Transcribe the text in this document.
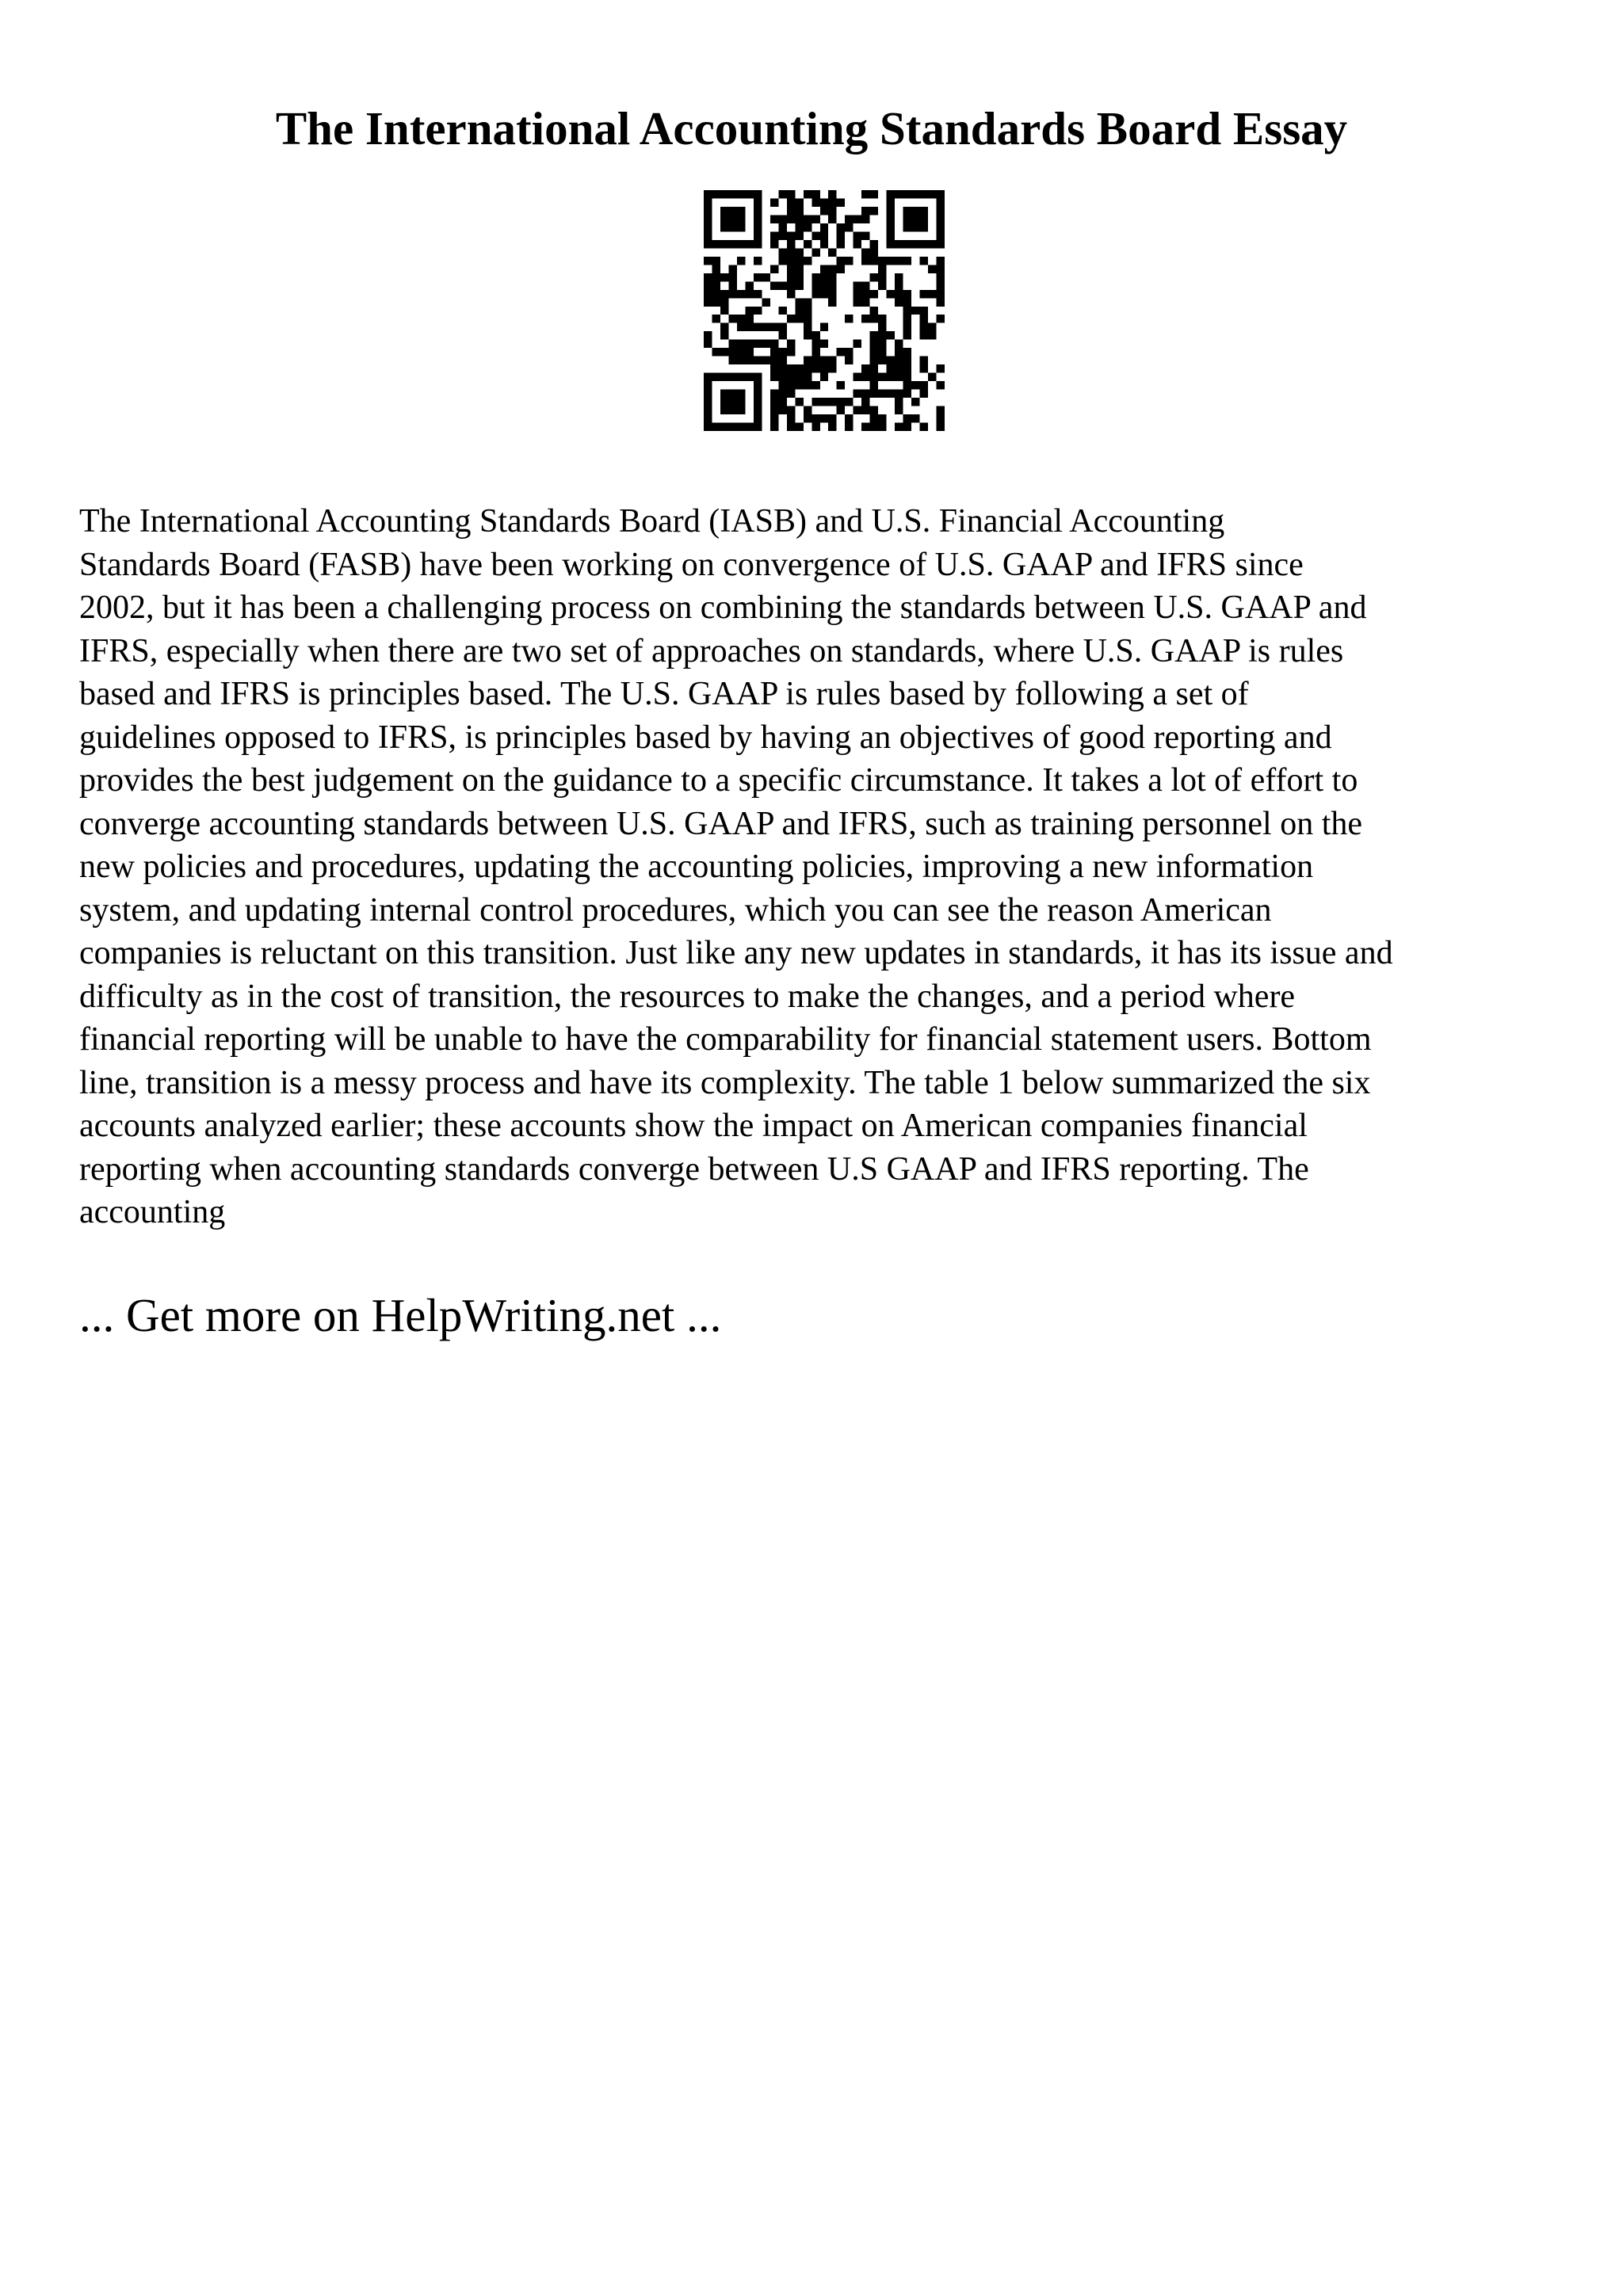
The International Accounting Standards Board Essay

The International Accounting Standards Board (IASB) and U.S. Financial Accounting
Standards Board (FASB) have been working on convergence of U.S. GAAP and IFRS since
2002, but it has been a challenging process on combining the standards between U.S. GAAP and
IFRS, especially when there are two set of approaches on standards, where U.S. GAAP is rules
based and IFRS is principles based. The U.S. GAAP is rules based by following a set of
guidelines opposed to IFRS, is principles based by having an objectives of good reporting and
provides the best judgement on the guidance to a specific circumstance. It takes a lot of effort to
converge accounting standards between U.S. GAAP and IFRS, such as training personnel on the
new policies and procedures, updating the accounting policies, improving a new information
system, and updating internal control procedures, which you can see the reason American
companies is reluctant on this transition. Just like any new updates in standards, it has its issue and
difficulty as in the cost of transition, the resources to make the changes, and a period where
financial reporting will be unable to have the comparability for financial statement users. Bottom
line, transition is a messy process and have its complexity. The table 1 below summarized the six
accounts analyzed earlier; these accounts show the impact on American companies financial
reporting when accounting standards converge between U.S GAAP and IFRS reporting. The
accounting

... Get more on HelpWriting.net ...
